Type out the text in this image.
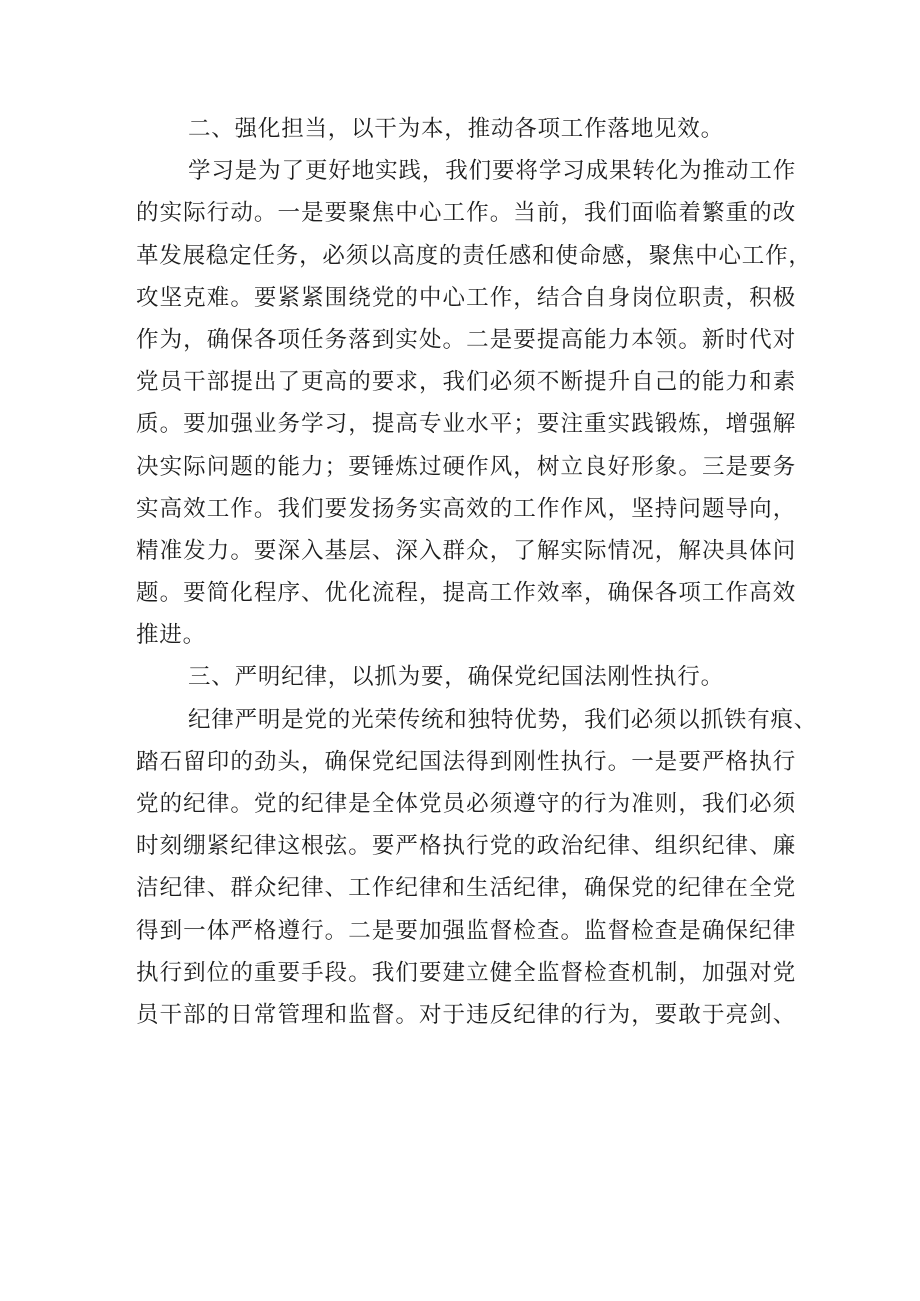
二、强化担当，以干为本，推动各项工作落地见效。
学习是为了更好地实践，我们要将学习成果转化为推动工作
的实际行动。一是要聚焦中心工作。当前，我们面临着繁重的改
革发展稳定任务，必须以高度的责任感和使命感，聚焦中心工作，
攻坚克难。要紧紧围绕党的中心工作，结合自身岗位职责，积极
作为，确保各项任务落到实处。二是要提高能力本领。新时代对
党员干部提出了更高的要求，我们必须不断提升自己的能力和素
质。要加强业务学习，提高专业水平；要注重实践锻炼，增强解
决实际问题的能力；要锤炼过硬作风，树立良好形象。三是要务
实高效工作。我们要发扬务实高效的工作作风，坚持问题导向，
精准发力。要深入基层、深入群众，了解实际情况，解决具体问
题。要简化程序、优化流程，提高工作效率，确保各项工作高效
推进。
三、严明纪律，以抓为要，确保党纪国法刚性执行。
纪律严明是党的光荣传统和独特优势，我们必须以抓铁有痕、
踏石留印的劲头，确保党纪国法得到刚性执行。一是要严格执行
党的纪律。党的纪律是全体党员必须遵守的行为准则，我们必须
时刻绷紧纪律这根弦。要严格执行党的政治纪律、组织纪律、廉
洁纪律、群众纪律、工作纪律和生活纪律，确保党的纪律在全党
得到一体严格遵行。二是要加强监督检查。监督检查是确保纪律
执行到位的重要手段。我们要建立健全监督检查机制，加强对党
员干部的日常管理和监督。对于违反纪律的行为，要敢于亮剑、
